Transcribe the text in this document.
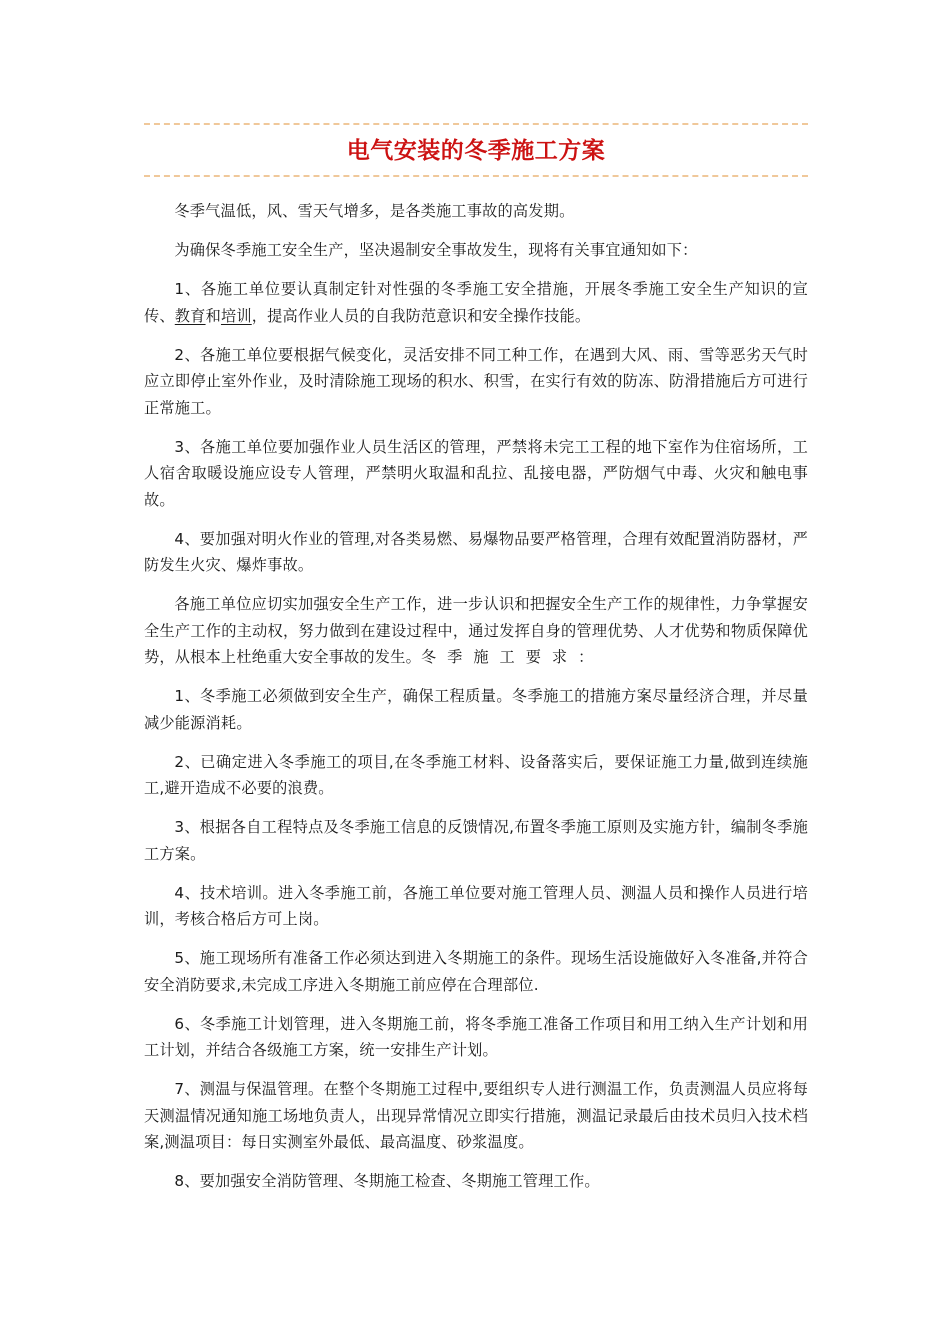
电气安装的冬季施工方案

冬季气温低，风、雪天气增多，是各类施工事故的高发期。

为确保冬季施工安全生产，坚决遏制安全事故发生，现将有关事宜通知如下：

1、各施工单位要认真制定针对性强的冬季施工安全措施，开展冬季施工安全生产知识的宣传、教育和培训，提高作业人员的自我防范意识和安全操作技能。

2、各施工单位要根据气候变化，灵活安排不同工种工作，在遇到大风、雨、雪等恶劣天气时应立即停止室外作业，及时清除施工现场的积水、积雪，在实行有效的防冻、防滑措施后方可进行正常施工。

3、各施工单位要加强作业人员生活区的管理，严禁将未完工工程的地下室作为住宿场所，工人宿舍取暖设施应设专人管理，严禁明火取温和乱拉、乱接电器，严防烟气中毒、火灾和触电事故。

4、要加强对明火作业的管理,对各类易燃、易爆物品要严格管理，合理有效配置消防器材，严防发生火灾、爆炸事故。

各施工单位应切实加强安全生产工作，进一步认识和把握安全生产工作的规律性，力争掌握安全生产工作的主动权，努力做到在建设过程中，通过发挥自身的管理优势、人才优势和物质保障优势，从根本上杜绝重大安全事故的发生。冬季施工要求：

1、冬季施工必须做到安全生产，确保工程质量。冬季施工的措施方案尽量经济合理，并尽量减少能源消耗。

2、已确定进入冬季施工的项目,在冬季施工材料、设备落实后，要保证施工力量,做到连续施工,避开造成不必要的浪费。

3、根据各自工程特点及冬季施工信息的反馈情况,布置冬季施工原则及实施方针，编制冬季施工方案。

4、技术培训。进入冬季施工前，各施工单位要对施工管理人员、测温人员和操作人员进行培训，考核合格后方可上岗。

5、施工现场所有准备工作必须达到进入冬期施工的条件。现场生活设施做好入冬准备,并符合安全消防要求,未完成工序进入冬期施工前应停在合理部位.

6、冬季施工计划管理，进入冬期施工前，将冬季施工准备工作项目和用工纳入生产计划和用工计划，并结合各级施工方案，统一安排生产计划。

7、测温与保温管理。在整个冬期施工过程中,要组织专人进行测温工作，负责测温人员应将每天测温情况通知施工场地负责人，出现异常情况立即实行措施，测温记录最后由技术员归入技术档案,测温项目：每日实测室外最低、最高温度、砂浆温度。

8、要加强安全消防管理、冬期施工检查、冬期施工管理工作。
